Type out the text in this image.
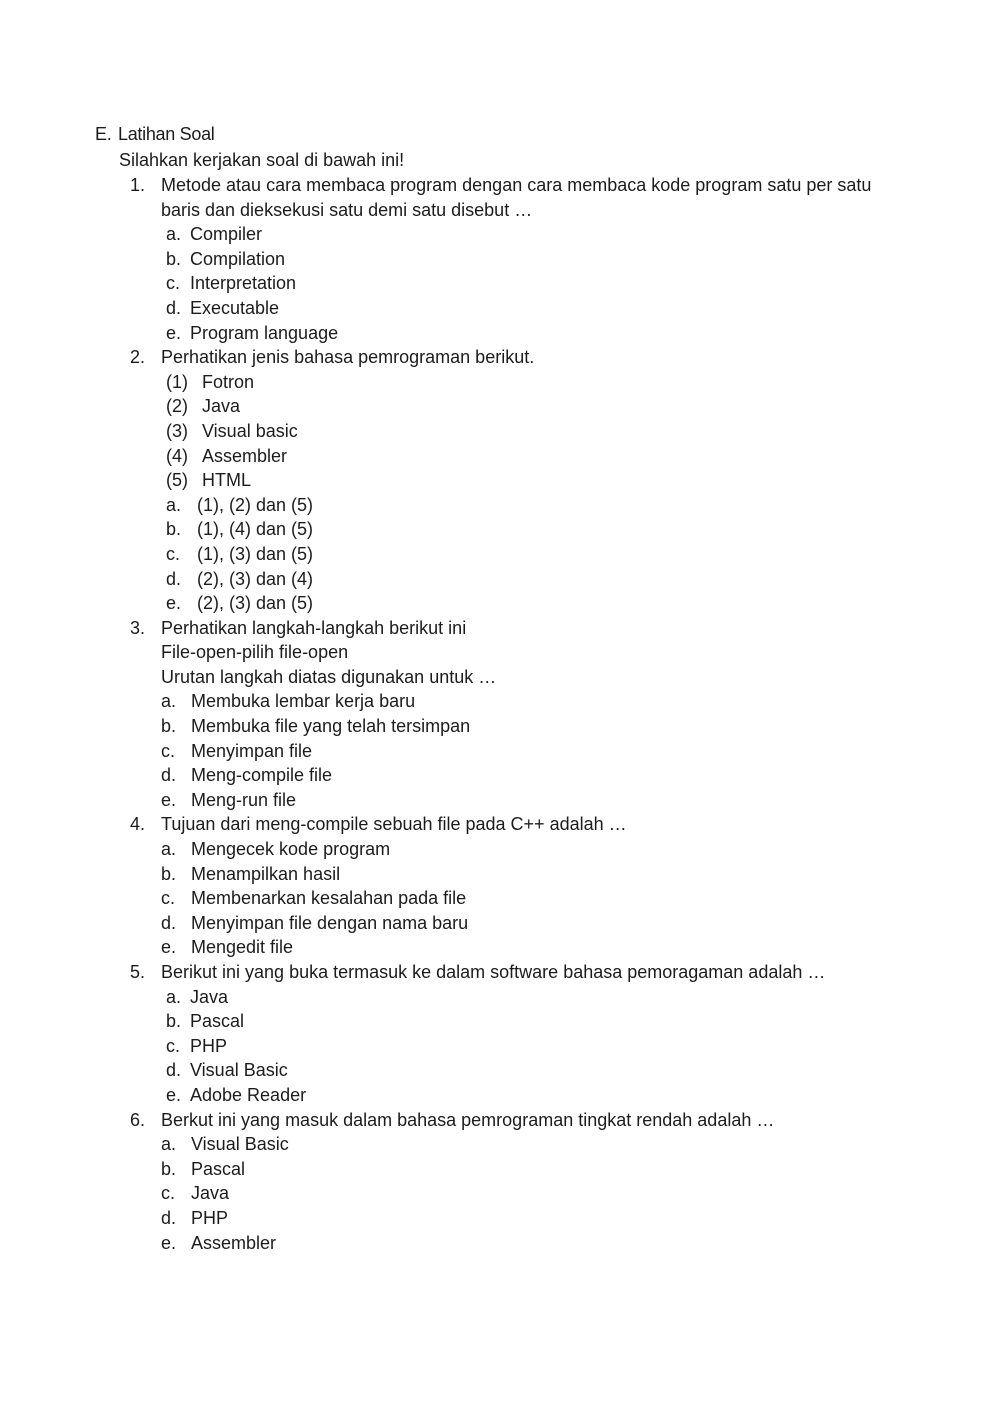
E. Latihan Soal
Silahkan kerjakan soal di bawah ini!
1. Metode atau cara membaca program dengan cara membaca kode program satu per satu baris dan dieksekusi satu demi satu disebut …
a. Compiler
b. Compilation
c. Interpretation
d. Executable
e. Program language
2. Perhatikan jenis bahasa pemrograman berikut.
(1) Fotron
(2) Java
(3) Visual basic
(4) Assembler
(5) HTML
a. (1), (2) dan (5)
b. (1), (4) dan (5)
c. (1), (3) dan (5)
d. (2), (3) dan (4)
e. (2), (3) dan (5)
3. Perhatikan langkah-langkah berikut ini
File-open-pilih file-open
Urutan langkah diatas digunakan untuk …
a. Membuka lembar kerja baru
b. Membuka file yang telah tersimpan
c. Menyimpan file
d. Meng-compile file
e. Meng-run file
4. Tujuan dari meng-compile sebuah file pada C++ adalah …
a. Mengecek kode program
b. Menampilkan hasil
c. Membenarkan kesalahan pada file
d. Menyimpan file dengan nama baru
e. Mengedit file
5. Berikut ini yang buka termasuk ke dalam software bahasa pemoragaman adalah …
a. Java
b. Pascal
c. PHP
d. Visual Basic
e. Adobe Reader
6. Berkut ini yang masuk dalam bahasa pemrograman tingkat rendah adalah …
a. Visual Basic
b. Pascal
c. Java
d. PHP
e. Assembler
